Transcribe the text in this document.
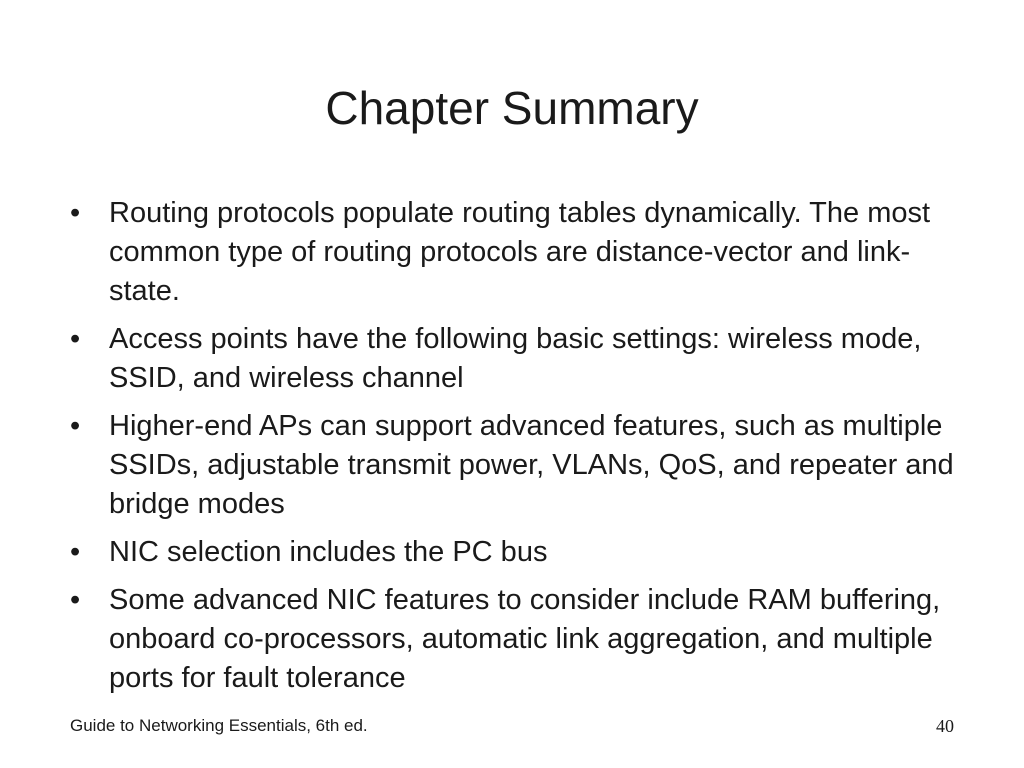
Chapter Summary
• Routing protocols populate routing tables dynamically. The most common type of routing protocols are distance-vector and link-state.
• Access points have the following basic settings: wireless mode, SSID, and wireless channel
• Higher-end APs can support advanced features, such as multiple SSIDs, adjustable transmit power, VLANs, QoS, and repeater and bridge modes
• NIC selection includes the PC bus
• Some advanced NIC features to consider include RAM buffering, onboard co-processors, automatic link aggregation, and multiple ports for fault tolerance
Guide to Networking Essentials, 6th ed.	40
